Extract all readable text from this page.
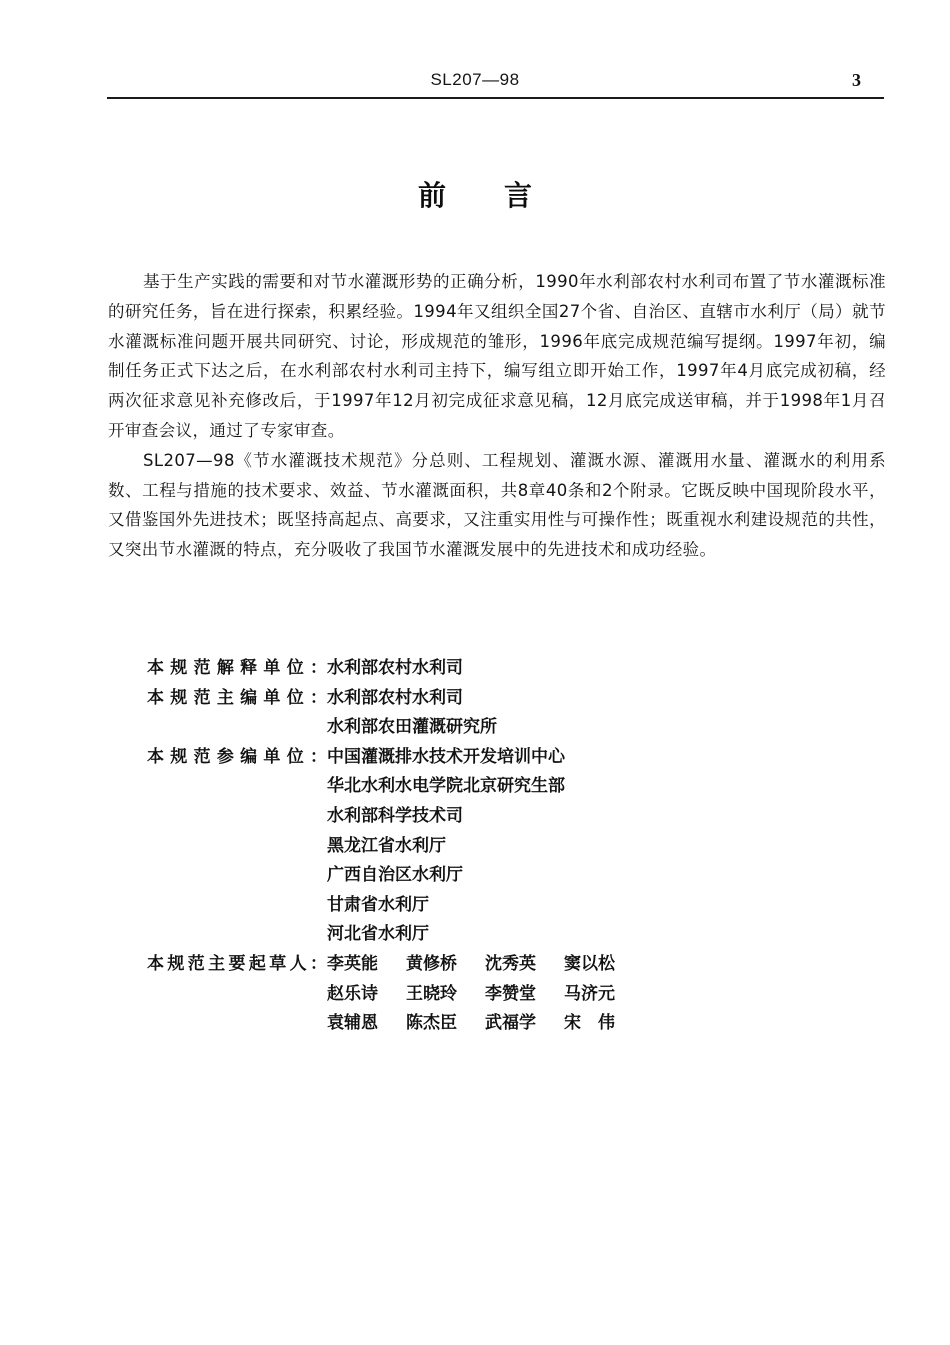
SL207—98	3
前言

基于生产实践的需要和对节水灌溉形势的正确分析，1990年水利部农村水利司布置了节水灌溉标准的研究任务，旨在进行探索，积累经验。1994年又组织全国27个省、自治区、直辖市水利厅（局）就节水灌溉标准问题开展共同研究、讨论，形成规范的雏形，1996年底完成规范编写提纲。1997年初，编制任务正式下达之后，在水利部农村水利司主持下，编写组立即开始工作，1997年4月底完成初稿，经两次征求意见补充修改后，于1997年12月初完成征求意见稿，12月底完成送审稿，并于1998年1月召开审查会议，通过了专家审查。

SL207—98《节水灌溉技术规范》分总则、工程规划、灌溉水源、灌溉用水量、灌溉水的利用系数、工程与措施的技术要求、效益、节水灌溉面积，共8章40条和2个附录。它既反映中国现阶段水平，又借鉴国外先进技术；既坚持高起点、高要求，又注重实用性与可操作性；既重视水利建设规范的共性，又突出节水灌溉的特点，充分吸收了我国节水灌溉发展中的先进技术和成功经验。

本规范解释单位： 水利部农村水利司
本规范主编单位： 水利部农村水利司
水利部农田灌溉研究所
本规范参编单位： 中国灌溉排水技术开发培训中心
华北水利水电学院北京研究生部
水利部科学技术司
黑龙江省水利厅
广西自治区水利厅
甘肃省水利厅
河北省水利厅
本规范主要起草人： 李英能	黄修桥	沈秀英	窦以松
赵乐诗	王晓玲	李赞堂	马济元
袁辅恩	陈杰臣	武福学	宋　伟
